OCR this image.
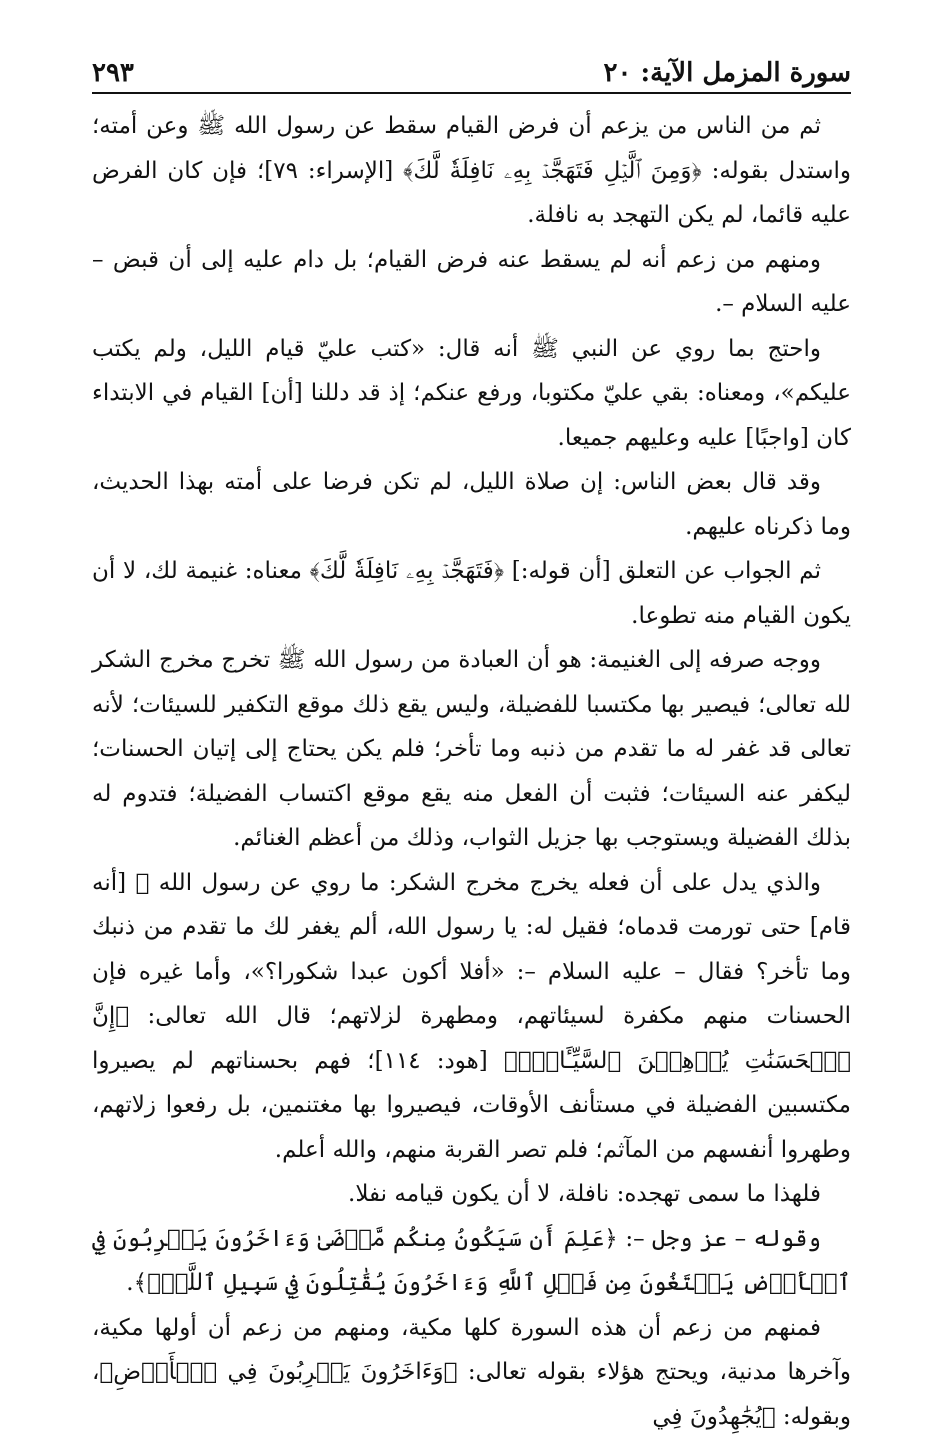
سورة المزمل الآية: ٢٠
٢٩٣

ثم من الناس من يزعم أن فرض القيام سقط عن رسول الله ﷺ وعن أمته؛ واستدل بقوله: ﴿وَمِنَ ٱلَّيۡلِ فَتَهَجَّدۡ بِهِۦ نَافِلَةٗ لَّكَ﴾ [الإسراء: ٧٩]؛ فإن كان الفرض عليه قائما، لم يكن التهجد به نافلة.

ومنهم من زعم أنه لم يسقط عنه فرض القيام؛ بل دام عليه إلى أن قبض – عليه السلام –.

واحتج بما روي عن النبي ﷺ أنه قال: «كتب عليّ قيام الليل، ولم يكتب عليكم»، ومعناه: بقي عليّ مكتوبا، ورفع عنكم؛ إذ قد دللنا [أن] القيام في الابتداء كان [واجبًا] عليه وعليهم جميعا.

وقد قال بعض الناس: إن صلاة الليل، لم تكن فرضا على أمته بهذا الحديث، وما ذكرناه عليهم.

ثم الجواب عن التعلق [أن قوله:] ﴿فَتَهَجَّدۡ بِهِۦ نَافِلَةٗ لَّكَ﴾ معناه: غنيمة لك، لا أن يكون القيام منه تطوعا.

ووجه صرفه إلى الغنيمة: هو أن العبادة من رسول الله ﷺ تخرج مخرج الشكر لله تعالى؛ فيصير بها مكتسبا للفضيلة، وليس يقع ذلك موقع التكفير للسيئات؛ لأنه تعالى قد غفر له ما تقدم من ذنبه وما تأخر؛ فلم يكن يحتاج إلى إتيان الحسنات؛ ليكفر عنه السيئات؛ فثبت أن الفعل منه يقع موقع اكتساب الفضيلة؛ فتدوم له بذلك الفضيلة ويستوجب بها جزيل الثواب، وذلك من أعظم الغنائم.

والذي يدل على أن فعله يخرج مخرج الشكر: ما روي عن رسول الله ﷺ [أنه قام] حتى تورمت قدماه؛ فقيل له: يا رسول الله، ألم يغفر لك ما تقدم من ذنبك وما تأخر؟ فقال – عليه السلام –: «أفلا أكون عبدا شكورا؟»، وأما غيره فإن الحسنات منهم مكفرة لسيئاتهم، ومطهرة لزلاتهم؛ قال الله تعالى: ﴿إِنَّ ٱلۡحَسَنَٰتِ يُذۡهِبۡنَ ٱلسَّيِّـَٔاتِۚ﴾ [هود: ١١٤]؛ فهم بحسناتهم لم يصيروا مكتسبين الفضيلة في مستأنف الأوقات، فيصيروا بها مغتنمين، بل رفعوا زلاتهم، وطهروا أنفسهم من المآثم؛ فلم تصر القربة منهم، والله أعلم.

فلهذا ما سمى تهجده: نافلة، لا أن يكون قيامه نفلا.

وقوله – عز وجل –: ﴿عَلِمَ أَن سَيَكُونُ مِنكُم مَّرۡضَىٰ وَءَاخَرُونَ يَضۡرِبُونَ فِي ٱلۡأَرۡضِ يَبۡتَغُونَ مِن فَضۡلِ ٱللَّهِ وَءَاخَرُونَ يُقَٰتِلُونَ فِي سَبِيلِ ٱللَّهِۖ﴾.

فمنهم من زعم أن هذه السورة كلها مكية، ومنهم من زعم أن أولها مكية، وآخرها مدنية، ويحتج هؤلاء بقوله تعالى: ﴿وَءَاخَرُونَ يَضۡرِبُونَ فِي ٱلۡأَرۡضِ﴾، وبقوله: ﴿يُجَٰهِدُونَ فِي
